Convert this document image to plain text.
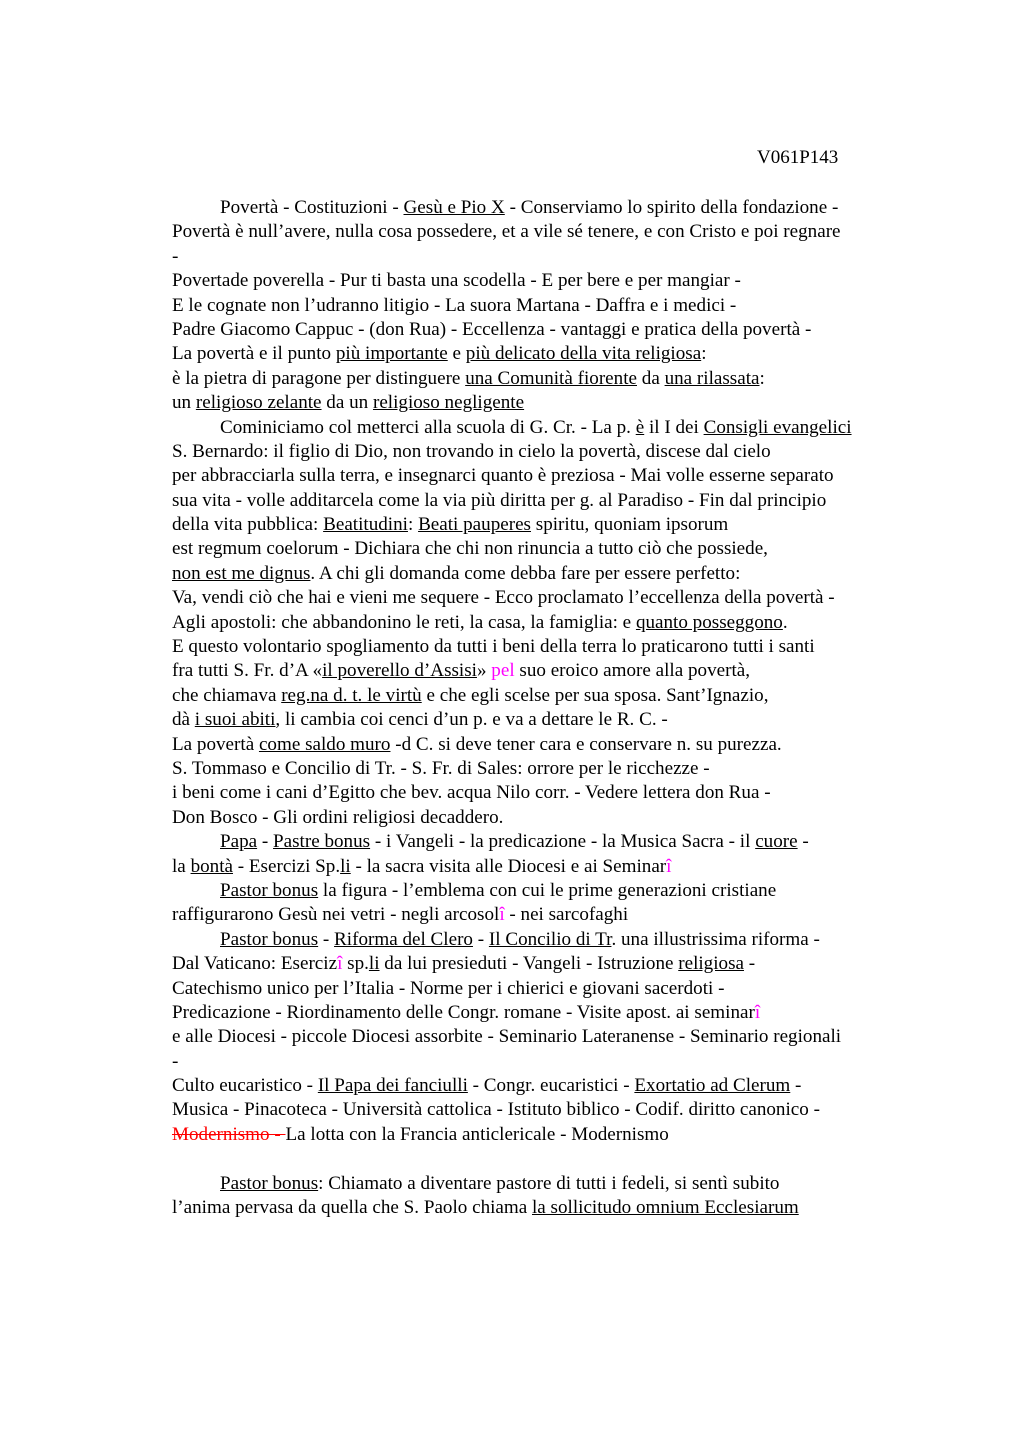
V061P143
Povertà - Costituzioni - Gesù e Pio X - Conserviamo lo spirito della fondazione -
Povertà è null’avere, nulla cosa possedere, et a vile sé tenere, e con Cristo e poi regnare
-
Povertade poverella - Pur ti basta una scodella - E per bere e per mangiar -
E le cognate non l’udranno litigio - La suora Martana - Daffra e i medici -
Padre Giacomo Cappuc - (don Rua) - Eccellenza - vantaggi e pratica della povertà -
La povertà e il punto più importante e più delicato della vita religiosa:
è la pietra di paragone per distinguere una Comunità fiorente da una rilassata:
un religioso zelante da un religioso negligente
Cominiciamo col metterci alla scuola di G. Cr. - La p. è il I dei Consigli evangelici
S. Bernardo: il figlio di Dio, non trovando in cielo la povertà, discese dal cielo
per abbracciarla sulla terra, e insegnarci quanto è preziosa - Mai volle esserne separato
sua vita - volle additarcela come la via più diritta per g. al Paradiso - Fin dal principio
della vita pubblica: Beatitudini: Beati pauperes spiritu, quoniam ipsorum
est regmum coelorum - Dichiara che chi non rinuncia a tutto ciò che possiede,
non est me dignus. A chi gli domanda come debba fare per essere perfetto:
Va, vendi ciò che hai e vieni me sequere - Ecco proclamato l’eccellenza della povertà -
Agli apostoli: che abbandonino le reti, la casa, la famiglia: e quanto posseggono.
E questo volontario spogliamento da tutti i beni della terra lo praticarono tutti i santi
fra tutti S. Fr. d’A «il poverello d’Assisi» pel suo eroico amore alla povertà,
che chiamava reg.na d. t. le virtù e che egli scelse per sua sposa. Sant’Ignazio,
dà i suoi abiti, li cambia coi cenci d’un p. e va a dettare le R. C. -
La povertà come saldo muro -d C. si deve tener cara e conservare n. su purezza.
S. Tommaso e Concilio di Tr. - S. Fr. di Sales: orrore per le ricchezze -
i beni come i cani d’Egitto che bev. acqua Nilo corr. - Vedere lettera don Rua -
Don Bosco - Gli ordini religiosi decaddero.
Papa - Pastre bonus - i Vangeli - la predicazione - la Musica Sacra - il cuore -
la bontà - Esercizi Sp.li - la sacra visita alle Diocesi e ai Seminarî
Pastor bonus la figura - l’emblema con cui le prime generazioni cristiane
raffigurarono Gesù nei vetri - negli arcosolî - nei sarcofaghi
Pastor bonus - Riforma del Clero - Il Concilio di Tr. una illustrissima riforma -
Dal Vaticano: Esercizî sp.li da lui presieduti - Vangeli - Istruzione religiosa -
Catechismo unico per l’Italia - Norme per i chierici e giovani sacerdoti -
Predicazione - Riordinamento delle Congr. romane - Visite apost. ai seminarî
e alle Diocesi - piccole Diocesi assorbite - Seminario Lateranense - Seminario regionali
-
Culto eucaristico - Il Papa dei fanciulli - Congr. eucaristici - Exortatio ad Clerum -
Musica - Pinacoteca - Università cattolica - Istituto biblico - Codif. diritto canonico -
Modernismo - La lotta con la Francia anticlericale - Modernismo
Pastor bonus: Chiamato a diventare pastore di tutti i fedeli, si sentì subito
l’anima pervasa da quella che S. Paolo chiama la sollicitudo omnium Ecclesiarum
